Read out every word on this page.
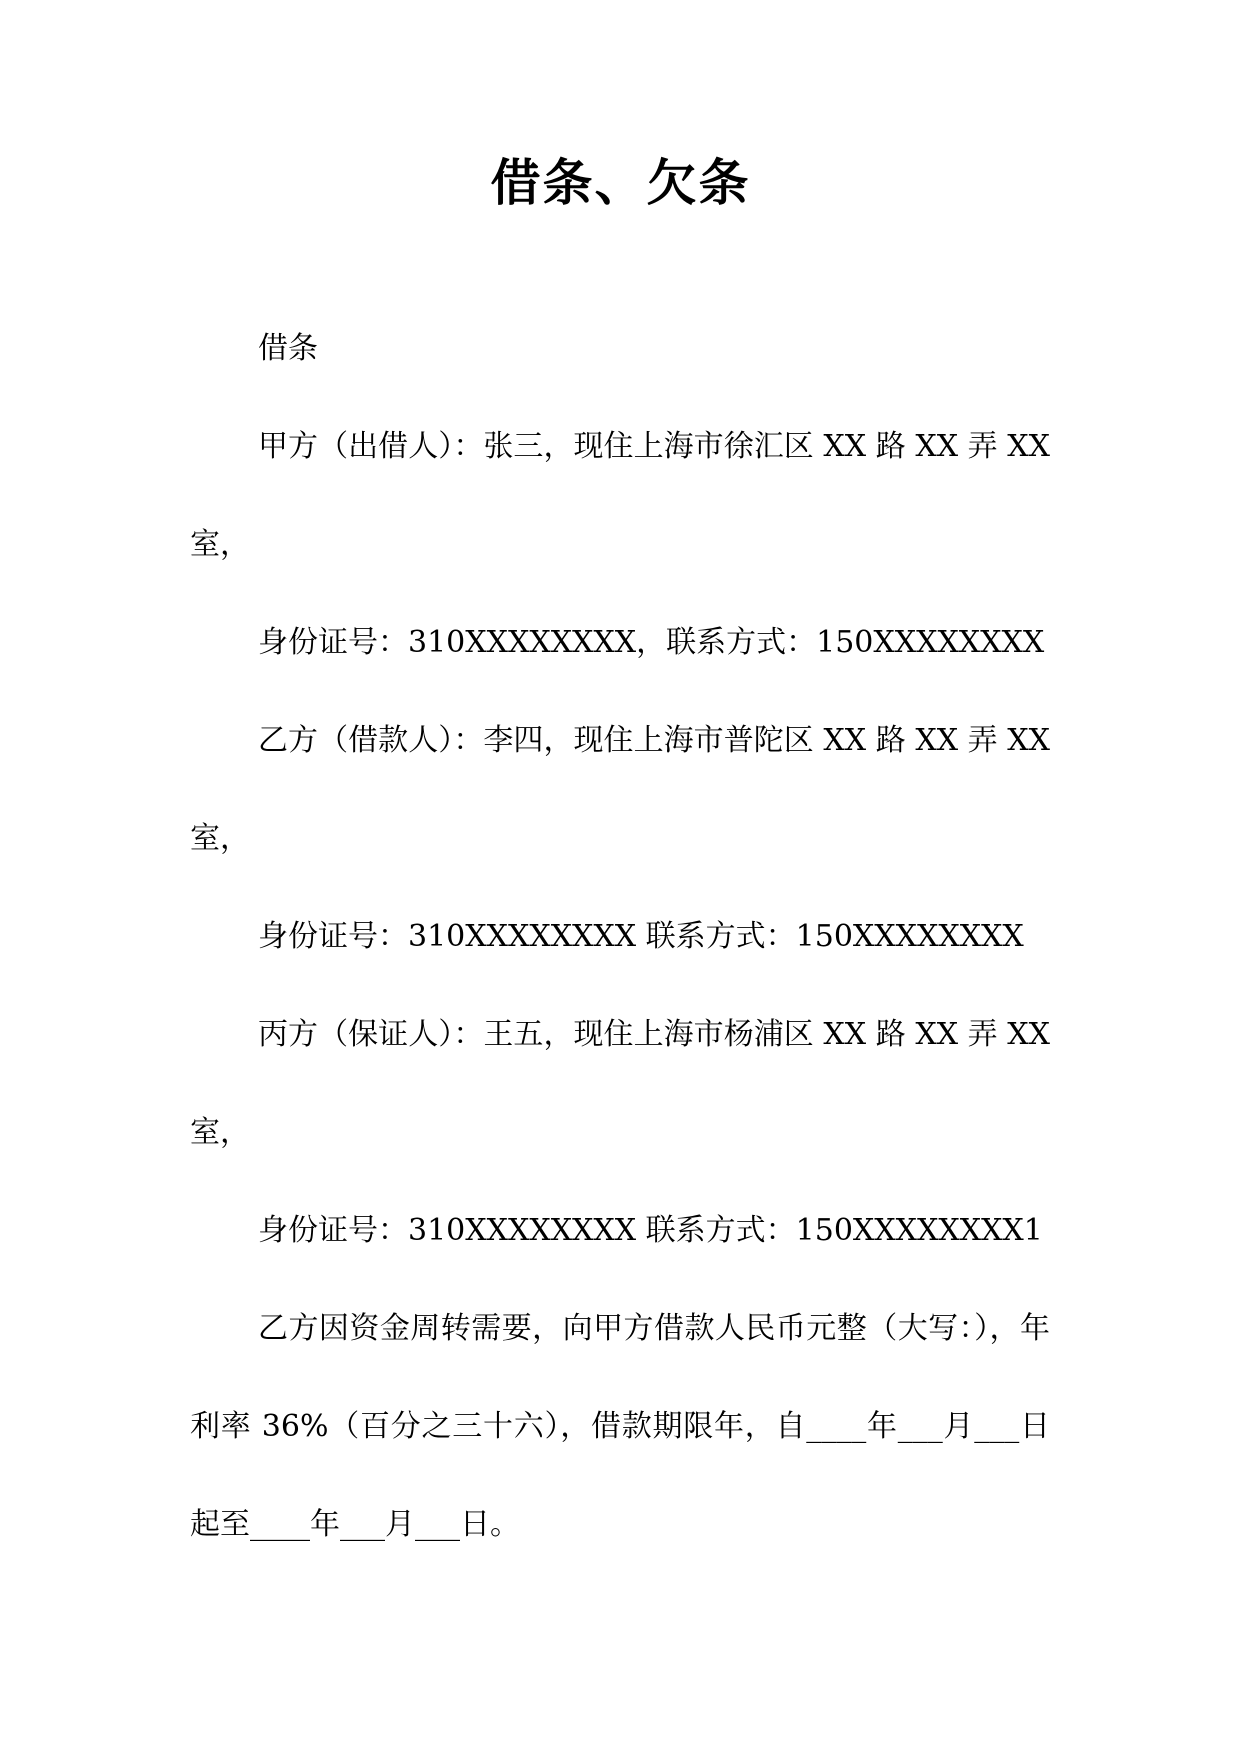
借条、欠条

借条

甲方（出借人）：张三，现住上海市徐汇区 XX 路 XX 弄 XX 室，

身份证号：310XXXXXXXX，联系方式：150XXXXXXXX

乙方（借款人）：李四，现住上海市普陀区 XX 路 XX 弄 XX 室，

身份证号：310XXXXXXXX 联系方式：150XXXXXXXX

丙方（保证人）：王五，现住上海市杨浦区 XX 路 XX 弄 XX 室，

身份证号：310XXXXXXXX 联系方式：150XXXXXXXX1

乙方因资金周转需要，向甲方借款人民币元整（大写：），年利率 36%（百分之三十六），借款期限年，自____年___月___日起至____年___月___日。
